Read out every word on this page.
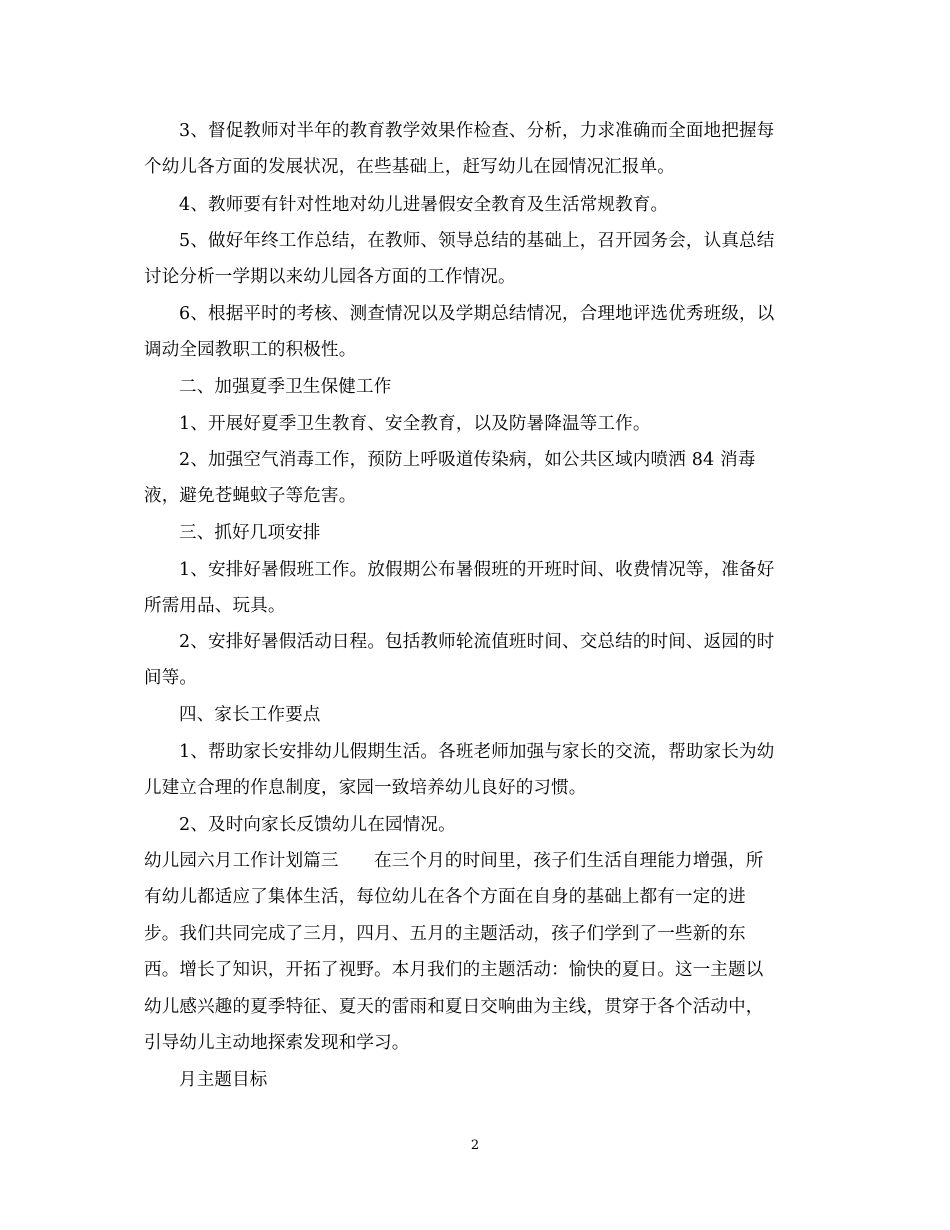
3、督促教师对半年的教育教学效果作检查、分析，力求准确而全面地把握每
个幼儿各方面的发展状况，在些基础上，赶写幼儿在园情况汇报单。
4、教师要有针对性地对幼儿进暑假安全教育及生活常规教育。
5、做好年终工作总结，在教师、领导总结的基础上，召开园务会，认真总结
讨论分析一学期以来幼儿园各方面的工作情况。
6、根据平时的考核、测查情况以及学期总结情况，合理地评选优秀班级，以
调动全园教职工的积极性。
二、加强夏季卫生保健工作
1、开展好夏季卫生教育、安全教育，以及防暑降温等工作。
2、加强空气消毒工作，预防上呼吸道传染病，如公共区域内喷洒 84 消毒
液，避免苍蝇蚊子等危害。
三、抓好几项安排
1、安排好暑假班工作。放假期公布暑假班的开班时间、收费情况等，准备好
所需用品、玩具。
2、安排好暑假活动日程。包括教师轮流值班时间、交总结的时间、返园的时
间等。
四、家长工作要点
1、帮助家长安排幼儿假期生活。各班老师加强与家长的交流，帮助家长为幼
儿建立合理的作息制度，家园一致培养幼儿良好的习惯。
2、及时向家长反馈幼儿在园情况。
幼儿园六月工作计划篇三　　在三个月的时间里，孩子们生活自理能力增强，所
有幼儿都适应了集体生活，每位幼儿在各个方面在自身的基础上都有一定的进
步。我们共同完成了三月，四月、五月的主题活动，孩子们学到了一些新的东
西。增长了知识，开拓了视野。本月我们的主题活动：愉快的夏日。这一主题以
幼儿感兴趣的夏季特征、夏天的雷雨和夏日交响曲为主线，贯穿于各个活动中，
引导幼儿主动地探索发现和学习。
月主题目标
2
